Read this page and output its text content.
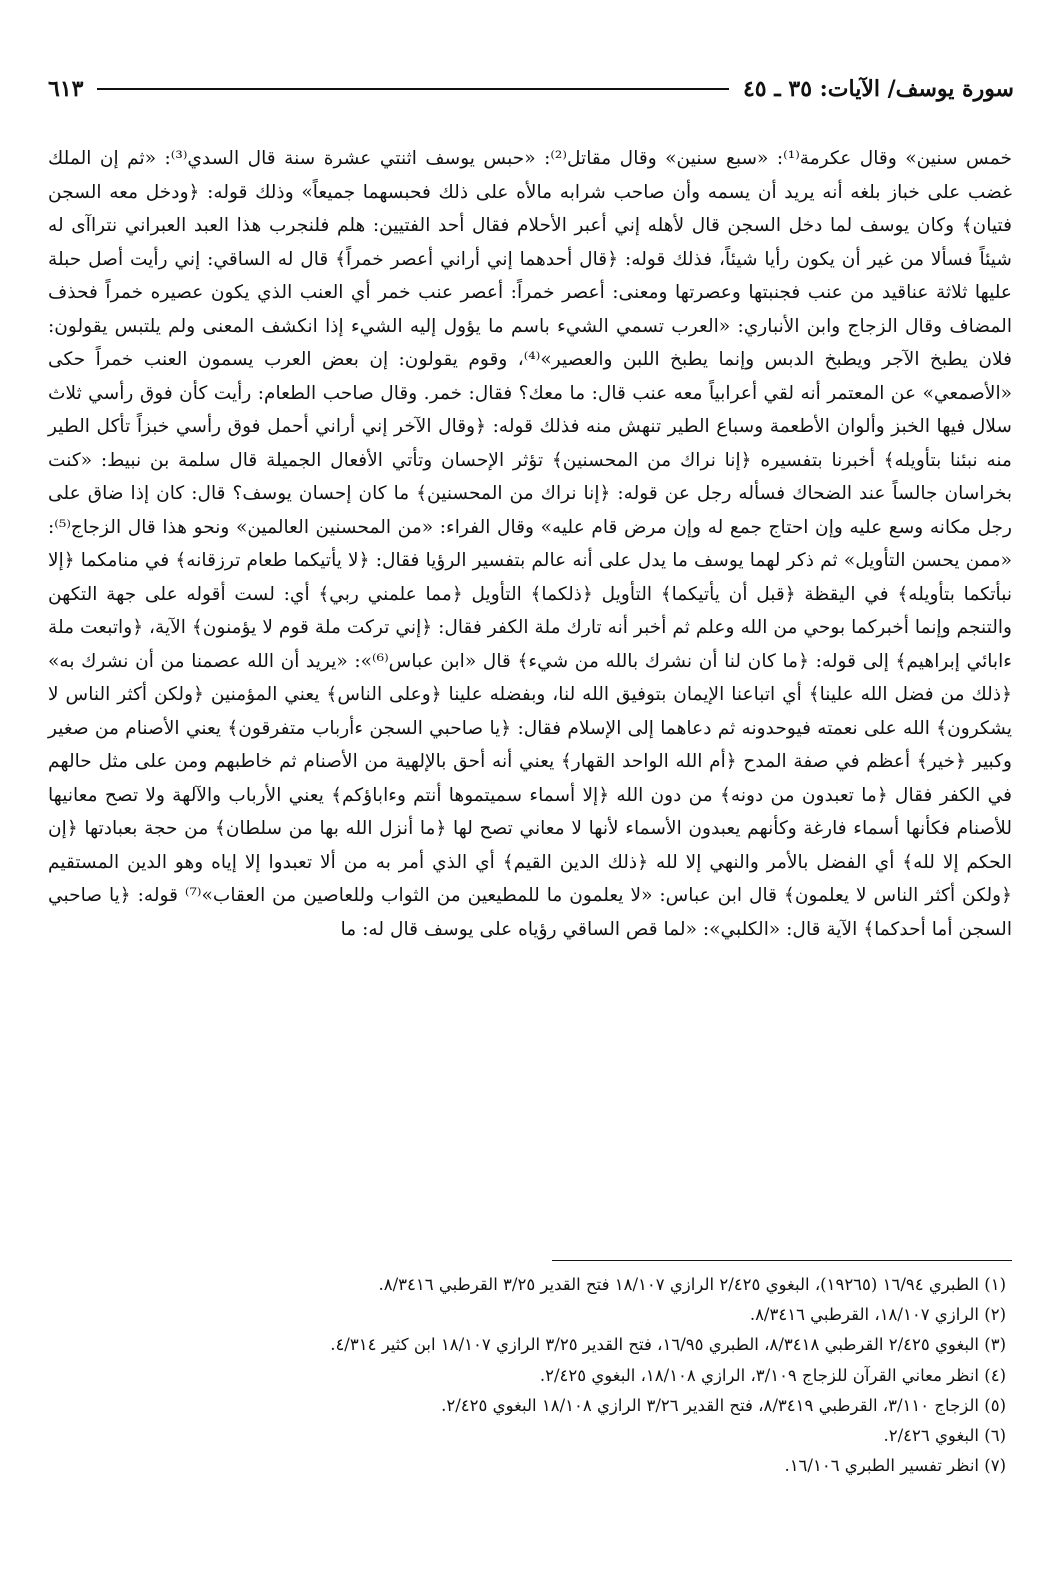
سورة يوسف/ الآيات: ٣٥ ـ ٤٥
٦١٣

خمس سنين» وقال عكرمة⁽¹⁾: «سبع سنين» وقال مقاتل⁽²⁾: «حبس يوسف اثنتي عشرة سنة قال السدي⁽³⁾: «ثم إن الملك غضب على خباز بلغه أنه يريد أن يسمه وأن صاحب شرابه مالأه على ذلك فحبسهما جميعاً» وذلك قوله: ﴿ودخل معه السجن فتيان﴾ وكان يوسف لما دخل السجن قال لأهله إني أعبر الأحلام فقال أحد الفتيين: هلم فلنجرب هذا العبد العبراني نتراآى له شيئاً فسألا من غير أن يكون رأيا شيئاً، فذلك قوله: ﴿قال أحدهما إني أراني أعصر خمراً﴾ قال له الساقي: إني رأيت أصل حبلة عليها ثلاثة عناقيد من عنب فجنبتها وعصرتها ومعنى: أعصر خمراً: أعصر عنب خمر أي العنب الذي يكون عصيره خمراً فحذف المضاف وقال الزجاج وابن الأنباري: «العرب تسمي الشيء باسم ما يؤول إليه الشيء إذا انكشف المعنى ولم يلتبس يقولون: فلان يطبخ الآجر ويطبخ الدبس وإنما يطبخ اللبن والعصير»⁽⁴⁾، وقوم يقولون: إن بعض العرب يسمون العنب خمراً حكى «الأصمعي» عن المعتمر أنه لقي أعرابياً معه عنب قال: ما معك؟ فقال: خمر. وقال صاحب الطعام: رأيت كأن فوق رأسي ثلاث سلال فيها الخبز وألوان الأطعمة وسباع الطير تنهش منه فذلك قوله: ﴿وقال الآخر إني أراني أحمل فوق رأسي خبزاً تأكل الطير منه نبئنا بتأويله﴾ أخبرنا بتفسيره ﴿إنا نراك من المحسنين﴾ تؤثر الإحسان وتأتي الأفعال الجميلة قال سلمة بن نبيط: «كنت بخراسان جالساً عند الضحاك فسأله رجل عن قوله: ﴿إنا نراك من المحسنين﴾ ما كان إحسان يوسف؟ قال: كان إذا ضاق على رجل مكانه وسع عليه وإن احتاج جمع له وإن مرض قام عليه» وقال الفراء: «من المحسنين العالمين» ونحو هذا قال الزجاج⁽⁵⁾: «ممن يحسن التأويل» ثم ذكر لهما يوسف ما يدل على أنه عالم بتفسير الرؤيا فقال: ﴿لا يأتيكما طعام ترزقانه﴾ في منامكما ﴿إلا نبأتكما بتأويله﴾ في اليقظة ﴿قبل أن يأتيكما﴾ التأويل ﴿ذلكما﴾ التأويل ﴿مما علمني ربي﴾ أي: لست أقوله على جهة التكهن والتنجم وإنما أخبركما بوحي من الله وعلم ثم أخبر أنه تارك ملة الكفر فقال: ﴿إني تركت ملة قوم لا يؤمنون﴾ الآية، ﴿واتبعت ملة ءابائي إبراهيم﴾ إلى قوله: ﴿ما كان لنا أن نشرك بالله من شيء﴾ قال «ابن عباس⁽⁶⁾»: «يريد أن الله عصمنا من أن نشرك به» ﴿ذلك من فضل الله علينا﴾ أي اتباعنا الإيمان بتوفيق الله لنا، وبفضله علينا ﴿وعلى الناس﴾ يعني المؤمنين ﴿ولكن أكثر الناس لا يشكرون﴾ الله على نعمته فيوحدونه ثم دعاهما إلى الإسلام فقال: ﴿يا صاحبي السجن ءأرباب متفرقون﴾ يعني الأصنام من صغير وكبير ﴿خير﴾ أعظم في صفة المدح ﴿أم الله الواحد القهار﴾ يعني أنه أحق بالإلهية من الأصنام ثم خاطبهم ومن على مثل حالهم في الكفر فقال ﴿ما تعبدون من دونه﴾ من دون الله ﴿إلا أسماء سميتموها أنتم وءاباؤكم﴾ يعني الأرباب والآلهة ولا تصح معانيها للأصنام فكأنها أسماء فارغة وكأنهم يعبدون الأسماء لأنها لا معاني تصح لها ﴿ما أنزل الله بها من سلطان﴾ من حجة بعبادتها ﴿إن الحكم إلا لله﴾ أي الفضل بالأمر والنهي إلا لله ﴿ذلك الدين القيم﴾ أي الذي أمر به من ألا تعبدوا إلا إياه وهو الدين المستقيم ﴿ولكن أكثر الناس لا يعلمون﴾ قال ابن عباس: «لا يعلمون ما للمطيعين من الثواب وللعاصين من العقاب»⁽⁷⁾ قوله: ﴿يا صاحبي السجن أما أحدكما﴾ الآية قال: «الكلبي»: «لما قص الساقي رؤياه على يوسف قال له: ما

(١) الطبري ١٦/٩٤ (١٩٢٦٥)، البغوي ٢/٤٢٥ الرازي ١٨/١٠٧ فتح القدير ٣/٢٥ القرطبي ٨/٣٤١٦.

(٢) الرازي ١٨/١٠٧، القرطبي ٨/٣٤١٦.

(٣) البغوي ٢/٤٢٥ القرطبي ٨/٣٤١٨، الطبري ١٦/٩٥، فتح القدير ٣/٢٥ الرازي ١٨/١٠٧ ابن كثير ٤/٣١٤.

(٤) انظر معاني القرآن للزجاج ٣/١٠٩، الرازي ١٨/١٠٨، البغوي ٢/٤٢٥.

(٥) الزجاج ٣/١١٠، القرطبي ٨/٣٤١٩، فتح القدير ٣/٢٦ الرازي ١٨/١٠٨ البغوي ٢/٤٢٥.

(٦) البغوي ٢/٤٢٦.

(٧) انظر تفسير الطبري ١٦/١٠٦.
